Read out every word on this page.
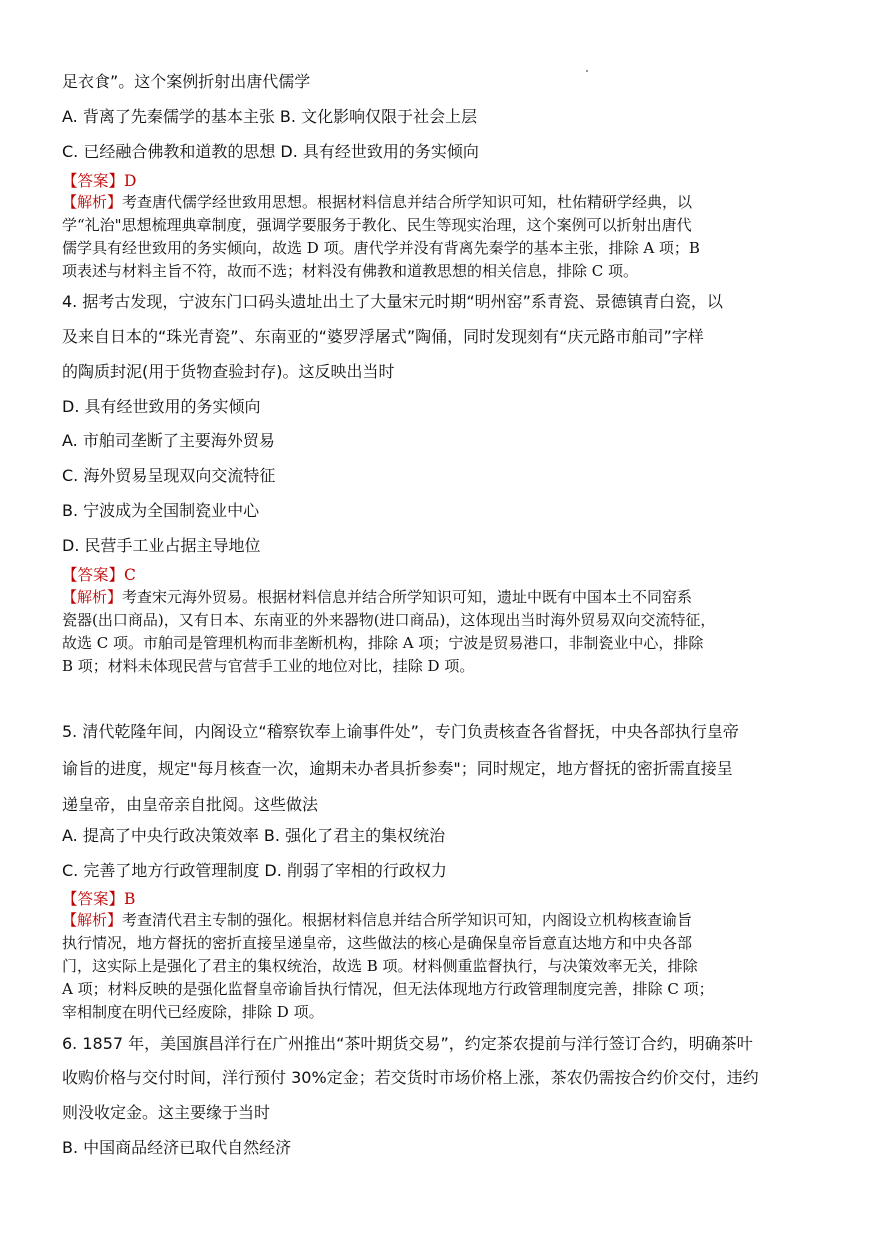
足衣食”。这个案例折射出唐代儒学
A. 背离了先秦儒学的基本主张 B. 文化影响仅限于社会上层
C. 已经融合佛教和道教的思想 D. 具有经世致用的务实倾向
【答案】D
【解析】考查唐代儒学经世致用思想。根据材料信息并结合所学知识可知，杜佑精研学经典，以
学“礼治"思想梳理典章制度，强调学要服务于教化、民生等现实治理，这个案例可以折射出唐代
儒学具有经世致用的务实倾向，故选 D 项。唐代学并没有背离先秦学的基本主张，排除 A 项；B
项表述与材料主旨不符，故而不选；材料没有佛教和道教思想的相关信息，排除 C 项。
4. 据考古发现，宁波东门口码头遗址出土了大量宋元时期“明州窑”系青瓷、景德镇青白瓷，以
及来自日本的“珠光青瓷”、东南亚的“婆罗浮屠式”陶俑，同时发现刻有“庆元路市舶司”字样
的陶质封泥(用于货物查验封存)。这反映出当时
D. 具有经世致用的务实倾向
A. 市舶司垄断了主要海外贸易
C. 海外贸易呈现双向交流特征
B. 宁波成为全国制瓷业中心
D. 民营手工业占据主导地位
【答案】C
【解析】考查宋元海外贸易。根据材料信息并结合所学知识可知，遗址中既有中国本土不同窑系
瓷器(出口商品)，又有日本、东南亚的外来器物(进口商品)，这体现出当时海外贸易双向交流特征，
故选 C 项。市舶司是管理机构而非垄断机构，排除 A 项；宁波是贸易港口，非制瓷业中心，排除
B 项；材料未体现民营与官营手工业的地位对比，挂除 D 项。
5. 清代乾隆年间，内阁设立“稽察钦奉上谕事件处”，专门负责核查各省督抚，中央各部执行皇帝
谕旨的进度，规定"每月核查一次，逾期未办者具折参奏"；同时规定，地方督抚的密折需直接呈
递皇帝，由皇帝亲自批阅。这些做法
A. 提高了中央行政决策效率 B. 强化了君主的集权统治
C. 完善了地方行政管理制度 D. 削弱了宰相的行政权力
【答案】B
【解析】考查清代君主专制的强化。根据材料信息并结合所学知识可知，内阁设立机构核查谕旨
执行情况，地方督抚的密折直接呈递皇帝，这些做法的核心是确保皇帝旨意直达地方和中央各部
门，这实际上是强化了君主的集权统治，故选 B 项。材料侧重监督执行，与决策效率无关，排除
A 项；材料反映的是强化监督皇帝谕旨执行情况，但无法体现地方行政管理制度完善，排除 C 项；
宰相制度在明代已经废除，排除 D 项。
6. 1857 年，美国旗昌洋行在广州推出“茶叶期货交易”，约定茶农提前与洋行签订合约，明确茶叶
收购价格与交付时间，洋行预付 30%定金；若交货时市场价格上涨，茶农仍需按合约价交付，违约
则没收定金。这主要缘于当时
B. 中国商品经济已取代自然经济
